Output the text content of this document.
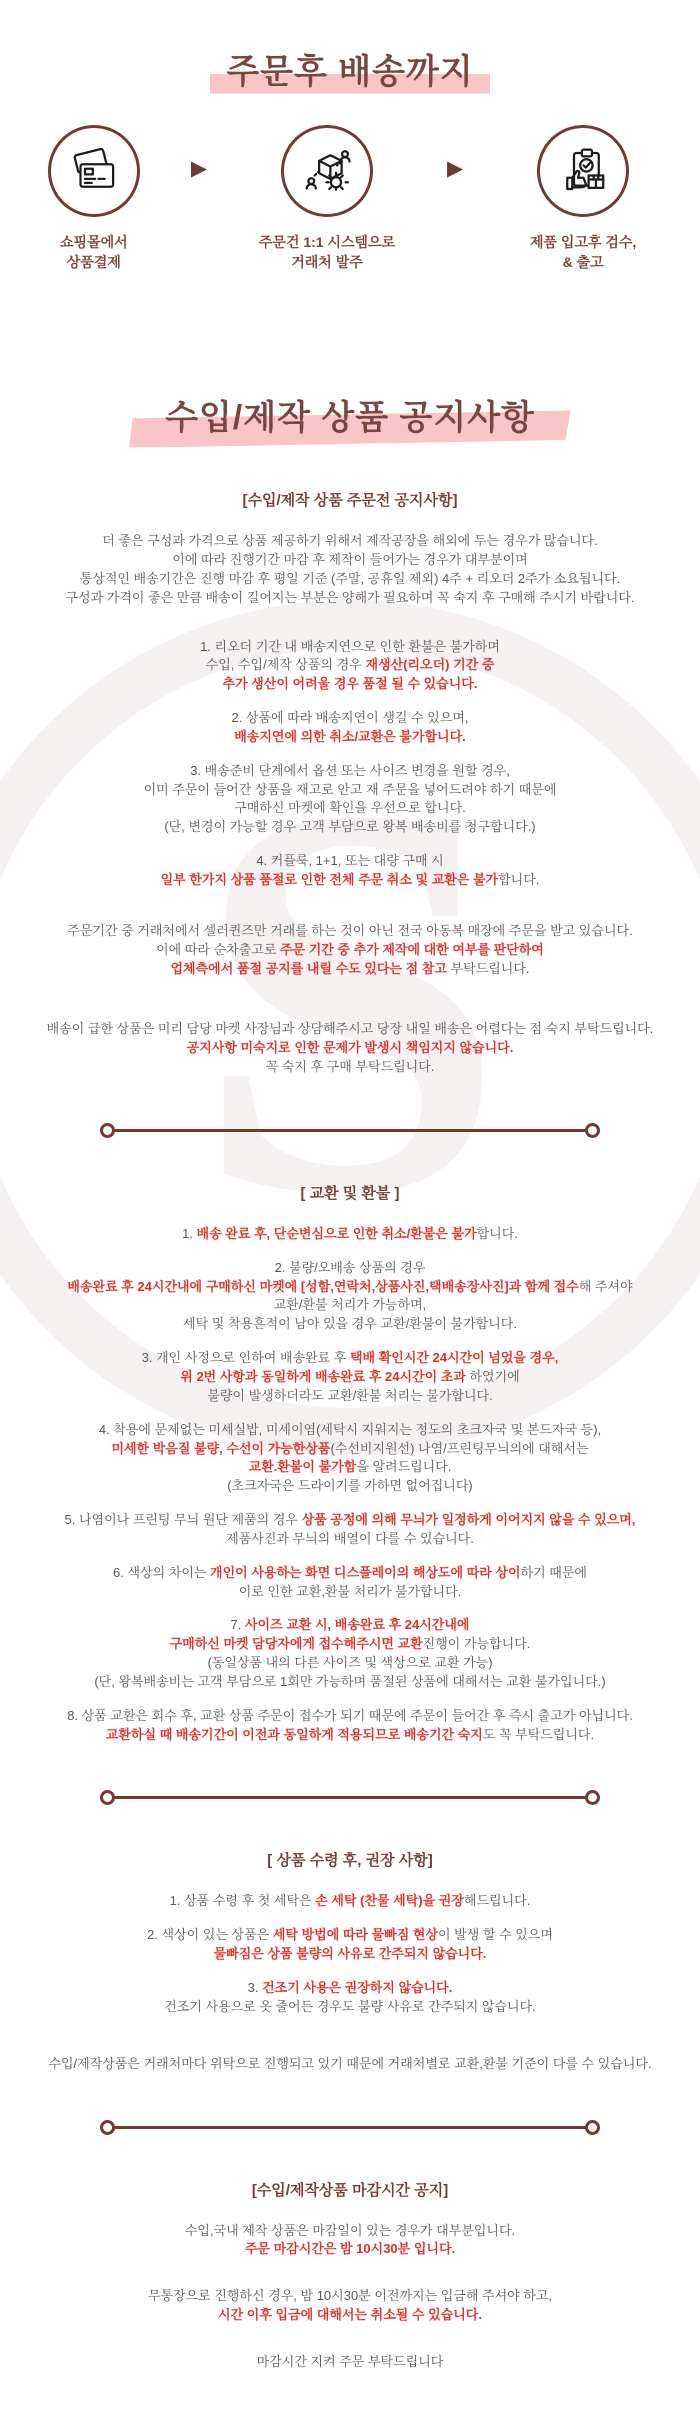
S
주문후 배송까지
쇼핑몰에서
상품결제
▶
주문건 1:1 시스템으로
거래처 발주
▶
제품 입고후 검수,
& 출고
수입/제작 상품 공지사항
[수입/제작 상품 주문전 공지사항]
더 좋은 구성과 가격으로 상품 제공하기 위해서 제작공장을 해외에 두는 경우가 많습니다.
이에 따라 진행기간 마감 후 제작이 들어가는 경우가 대부분이며
통상적인 배송기간은 진행 마감 후 평일 기준 (주말, 공휴일 제외) 4주 + 리오더 2주가 소요됩니다.
구성과 가격이 좋은 만큼 배송이 길어지는 부분은 양해가 필요하며 꼭 숙지 후 구매해 주시기 바랍니다.
1. 리오더 기간 내 배송지연으로 인한 환불은 불가하며
수입, 수입/제작 상품의 경우 재생산(리오더) 기간 중
추가 생산이 어려울 경우 품절 될 수 있습니다.
2. 상품에 따라 배송지연이 생길 수 있으며,
배송지연에 의한 취소/교환은 불가합니다.
3. 배송준비 단계에서 옵션 또는 사이즈 변경을 원할 경우,
이미 주문이 들어간 상품을 재고로 안고 재 주문을 넣어드려야 하기 때문에
구매하신 마켓에 확인을 우선으로 합니다.
(단, 변경이 가능할 경우 고객 부담으로 왕복 배송비를 청구합니다.)
4. 커플룩, 1+1, 또는 대량 구매 시
일부 한가지 상품 품절로 인한 전체 주문 취소 및 교환은 불가합니다.
주문기간 중 거래처에서 셀러퀸즈만 거래를 하는 것이 아닌 전국 아동복 매장에 주문을 받고 있습니다.
이에 따라 순차출고로 주문 기간 중 추가 제작에 대한 여부를 판단하여
업체측에서 품절 공지를 내릴 수도 있다는 점 참고 부탁드립니다.
배송이 급한 상품은 미리 담당 마켓 사장님과 상담해주시고 당장 내일 배송은 어렵다는 점 숙지 부탁드립니다.
공지사항 미숙지로 인한 문제가 발생시 책임지지 않습니다.
꼭 숙지 후 구매 부탁드립니다.
[ 교환 및 환불 ]
1. 배송 완료 후, 단순변심으로 인한 취소/환불은 불가합니다.
2. 불량/오배송 상품의 경우
배송완료 후 24시간내에 구매하신 마켓에 [성함,연락처,상품사진,택배송장사진]과 함께 접수해 주셔야
교환/환불 처리가 가능하며,
세탁 및 착용흔적이 남아 있을 경우 교환/환불이 불가합니다.
3. 개인 사정으로 인하여 배송완료 후 택배 확인시간 24시간이 넘었을 경우,
위 2번 사항과 동일하게 배송완료 후 24시간이 초과 하였기에
불량이 발생하더라도 교환/환불 처리는 불가합니다.
4. 착용에 문제없는 미세실밥, 미세이염(세탁시 지워지는 정도의 초크자국 및 본드자국 등),
미세한 박음질 불량, 수선이 가능한상품(수선비지원선) 나염/프린팅무늬의에 대해서는
교환.환불이 불가함을 알려드립니다.
(초크자국은 드라이기를 가하면 없어집니다)
5. 나염이나 프린팅 무늬 원단 제품의 경우 상품 공정에 의해 무늬가 일정하게 이어지지 않을 수 있으며,
제품사진과 무늬의 배열이 다를 수 있습니다.
6. 색상의 차이는 개인이 사용하는 화면 디스플레이의 해상도에 따라 상이하기 때문에
이로 인한 교환,환불 처리가 불가합니다.
7. 사이즈 교환 시, 배송완료 후 24시간내에
구매하신 마켓 담당자에게 접수해주시면 교환진행이 가능합니다.
(동일상품 내의 다른 사이즈 및 색상으로 교환 가능)
(단, 왕복배송비는 고객 부담으로 1회만 가능하며 품절된 상품에 대해서는 교환 불가입니다.)
8. 상품 교환은 회수 후, 교환 상품 주문이 접수가 되기 때문에 주문이 들어간 후 즉시 출고가 아닙니다.
교환하실 때 배송기간이 이전과 동일하게 적용되므로 배송기간 숙지도 꼭 부탁드립니다.
[ 상품 수령 후, 권장 사항]
1. 상품 수령 후 첫 세탁은 손 세탁 (찬물 세탁)을 권장해드립니다.
2. 색상이 있는 상품은 세탁 방법에 따라 물빠짐 현상이 발생 할 수 있으며
물빠짐은 상품 불량의 사유로 간주되지 않습니다.
3. 건조기 사용은 권장하지 않습니다.
건조기 사용으로 옷 줄어든 경우도 불량 사유로 간주되지 않습니다.
수입/제작상품은 거래처마다 위탁으로 진행되고 있기 때문에 거래처별로 교환,환불 기준이 다를 수 있습니다.
[수입/제작상품 마감시간 공지]
수입,국내 제작 상품은 마감일이 있는 경우가 대부분입니다.
주문 마감시간은 밤 10시30분 입니다.
무통장으로 진행하신 경우, 밤 10시30분 이전까지는 입금해 주셔야 하고,
시간 이후 입금에 대해서는 취소될 수 있습니다.
마감시간 지켜 주문 부탁드립니다
